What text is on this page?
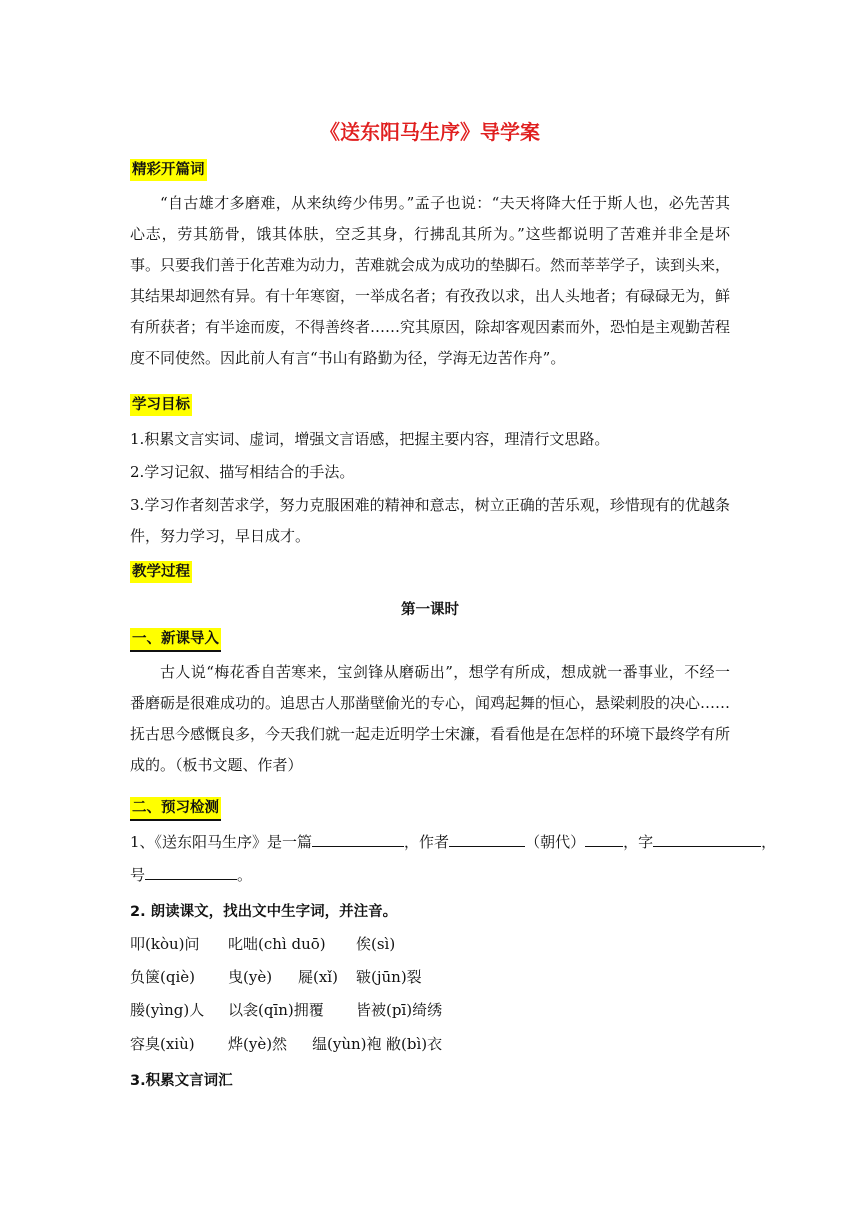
《送东阳马生序》导学案
精彩开篇词

“自古雄才多磨难，从来纨绔少伟男。”孟子也说：“夫天将降大任于斯人也，必先苦其心志，劳其筋骨，饿其体肤，空乏其身，行拂乱其所为。”这些都说明了苦难并非全是坏事。只要我们善于化苦难为动力，苦难就会成为成功的垫脚石。然而莘莘学子，读到头来，其结果却迥然有异。有十年寒窗，一举成名者；有孜孜以求，出人头地者；有碌碌无为，鲜有所获者；有半途而废，不得善终者……究其原因，除却客观因素而外，恐怕是主观勤苦程度不同使然。因此前人有言“书山有路勤为径，学海无边苦作舟”。

学习目标
1.积累文言实词、虚词，增强文言语感，把握主要内容，理清行文思路。
2.学习记叙、描写相结合的手法。

3.学习作者刻苦求学，努力克服困难的精神和意志，树立正确的苦乐观，珍惜现有的优越条件，努力学习，早日成才。

教学过程
第一课时
一、新课导入

古人说“梅花香自苦寒来，宝剑锋从磨砺出”，想学有所成，想成就一番事业，不经一番磨砺是很难成功的。追思古人那凿壁偷光的专心，闻鸡起舞的恒心，悬梁刺股的决心……抚古思今感慨良多，今天我们就一起走近明学士宋濂，看看他是在怎样的环境下最终学有所成的。（板书文题、作者）

二、预习检测
1、《送东阳马生序》是一篇	，作者	（朝代）	，字	，
号	。
2. 朗读课文，找出文中生字词，并注音。
叩(kòu)问 叱咄(chì duō) 俟(sì)
负箧(qiè) 曳(yè) 屣(xǐ) 皲(jūn)裂
媵(yìng)人 以衾(qīn)拥覆 皆被(pī)绮绣
容臭(xiù) 烨(yè)然 缊(yùn)袍 敝(bì)衣
3.积累文言词汇
